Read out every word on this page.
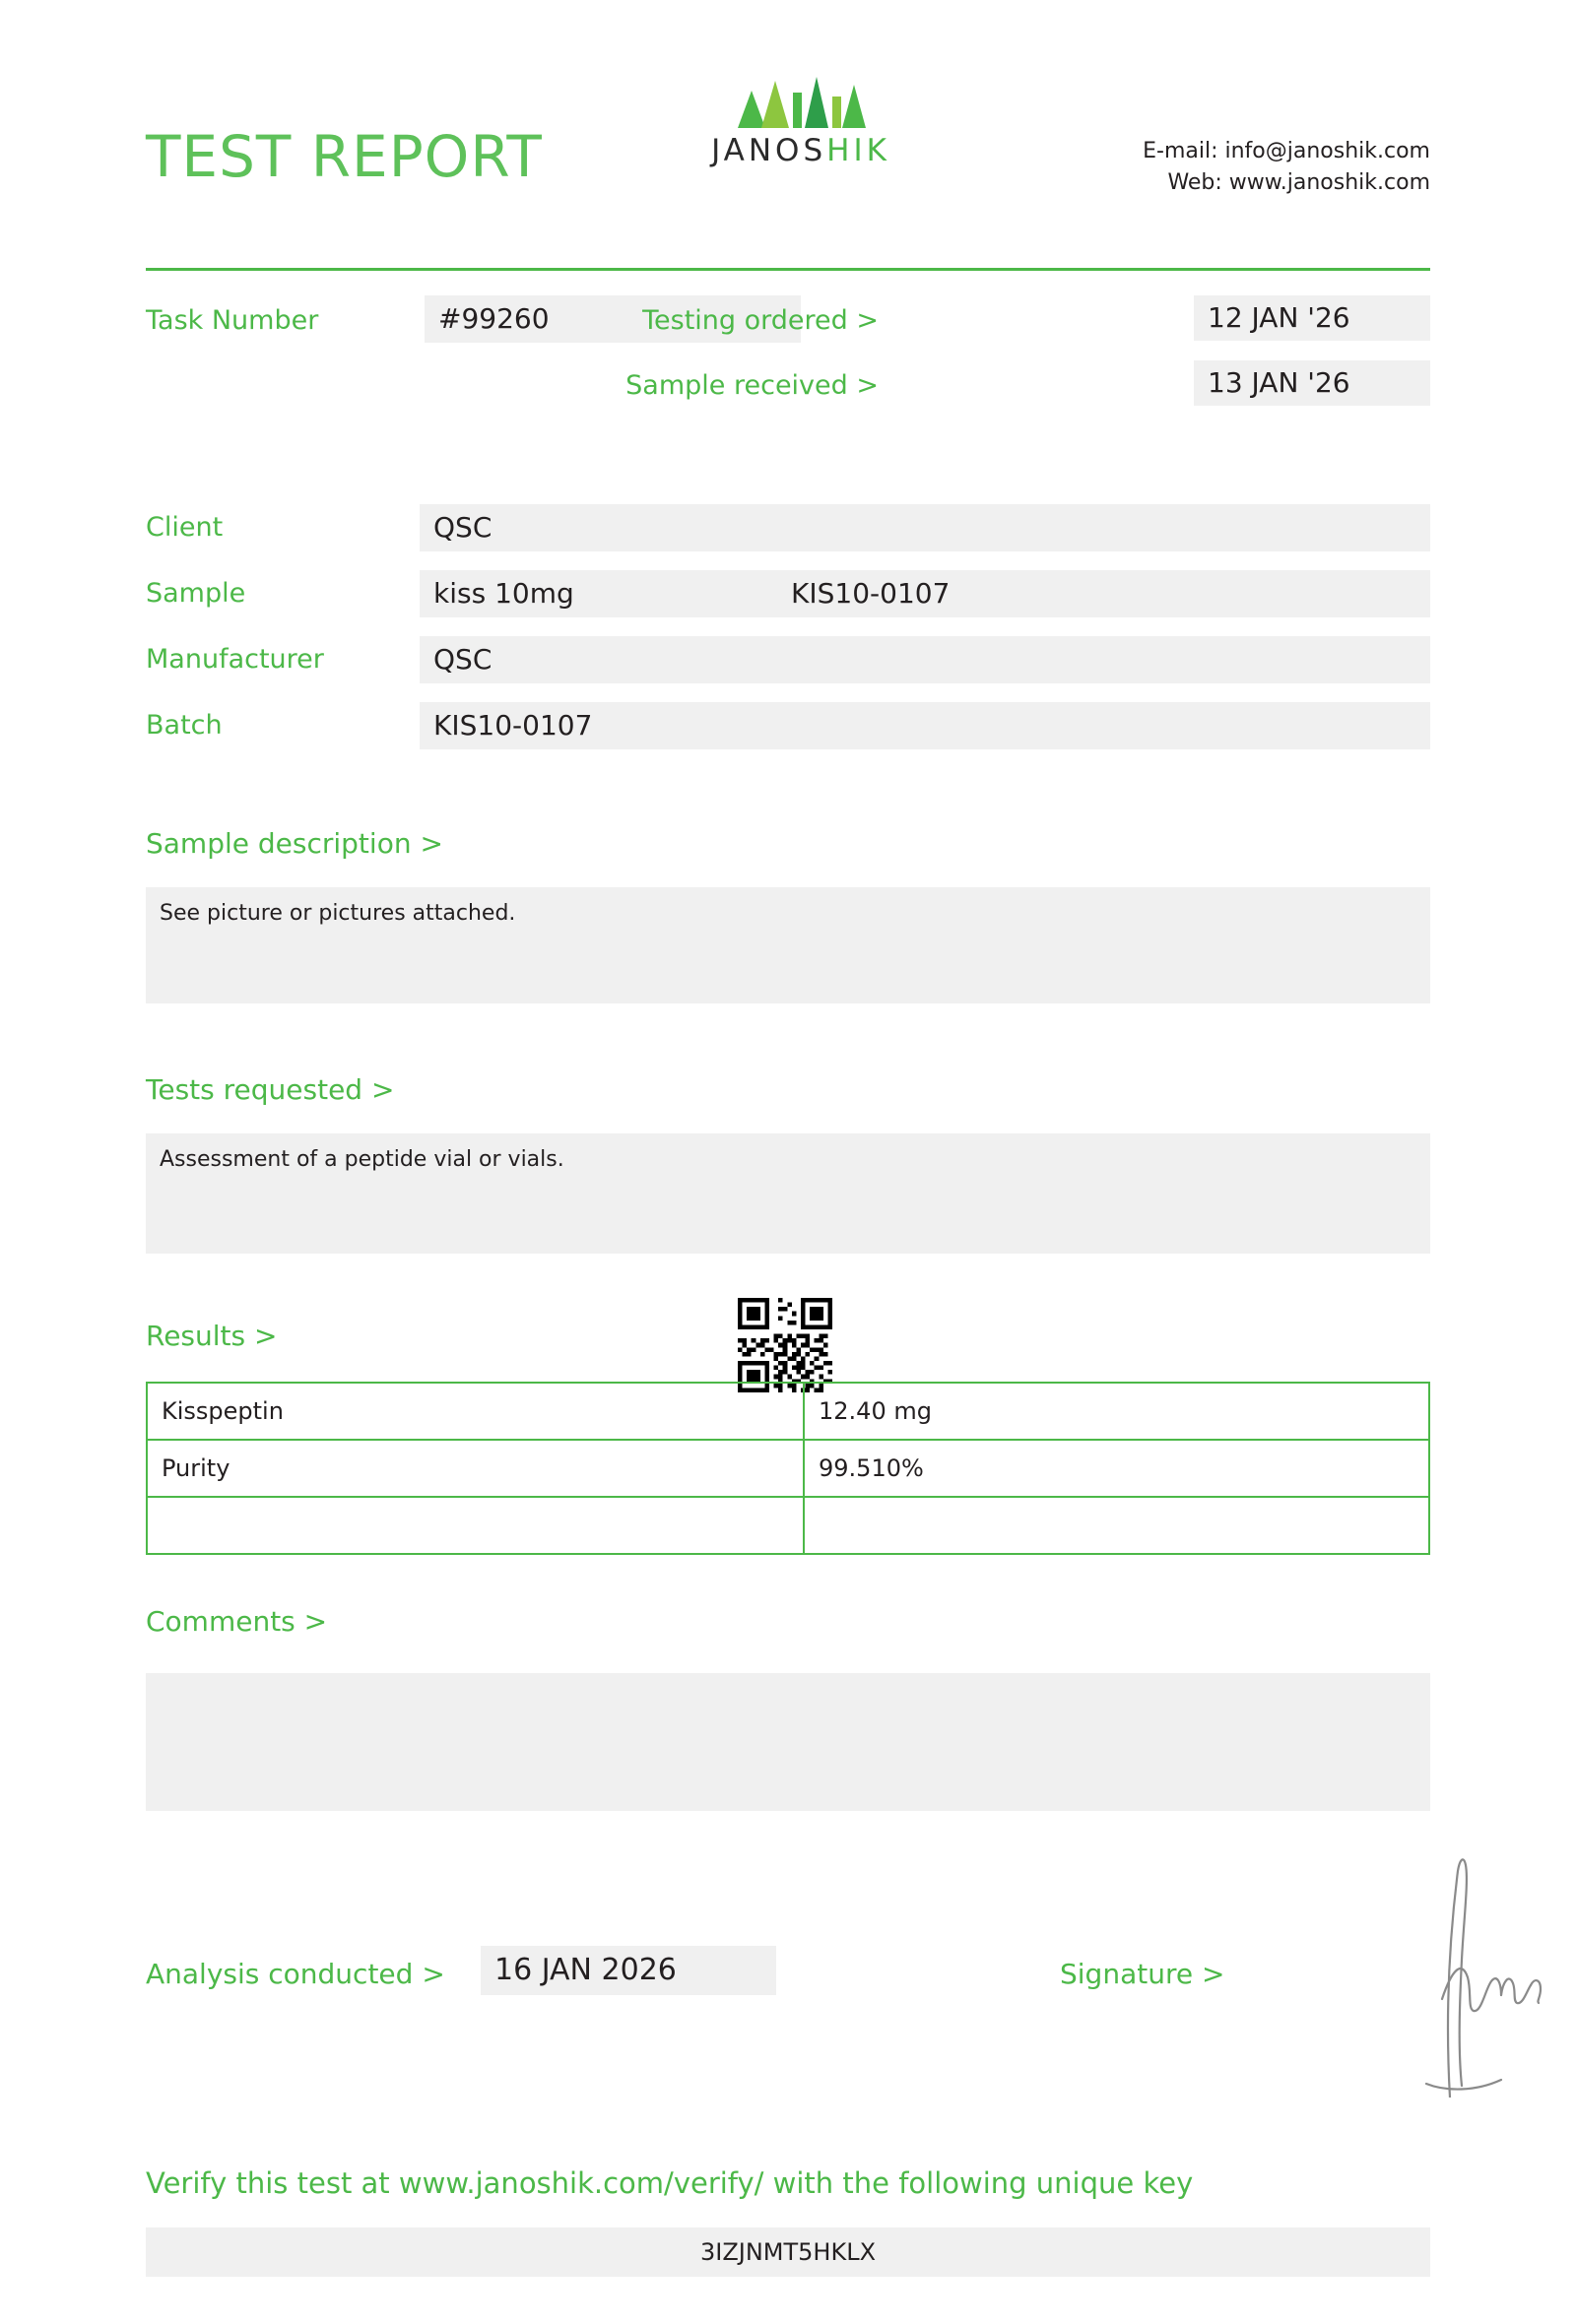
TEST REPORT	JANOSHIK	E-mail: info@janoshik.com
Web: www.janoshik.com
Task Number	#99260	Testing ordered >	12 JAN '26
Sample received >	13 JAN '26
Client	QSC
Sample	kiss 10mg	KIS10-0107
Manufacturer	QSC
Batch	KIS10-0107
Sample description >
See picture or pictures attached.
Tests requested >
Assessment of a peptide vial or vials.
Results >
Kisspeptin	12.40 mg
Purity	99.510%

Comments >
Analysis conducted >	16 JAN 2026	Signature >
Verify this test at www.janoshik.com/verify/ with the following unique key
3IZJNMT5HKLX
